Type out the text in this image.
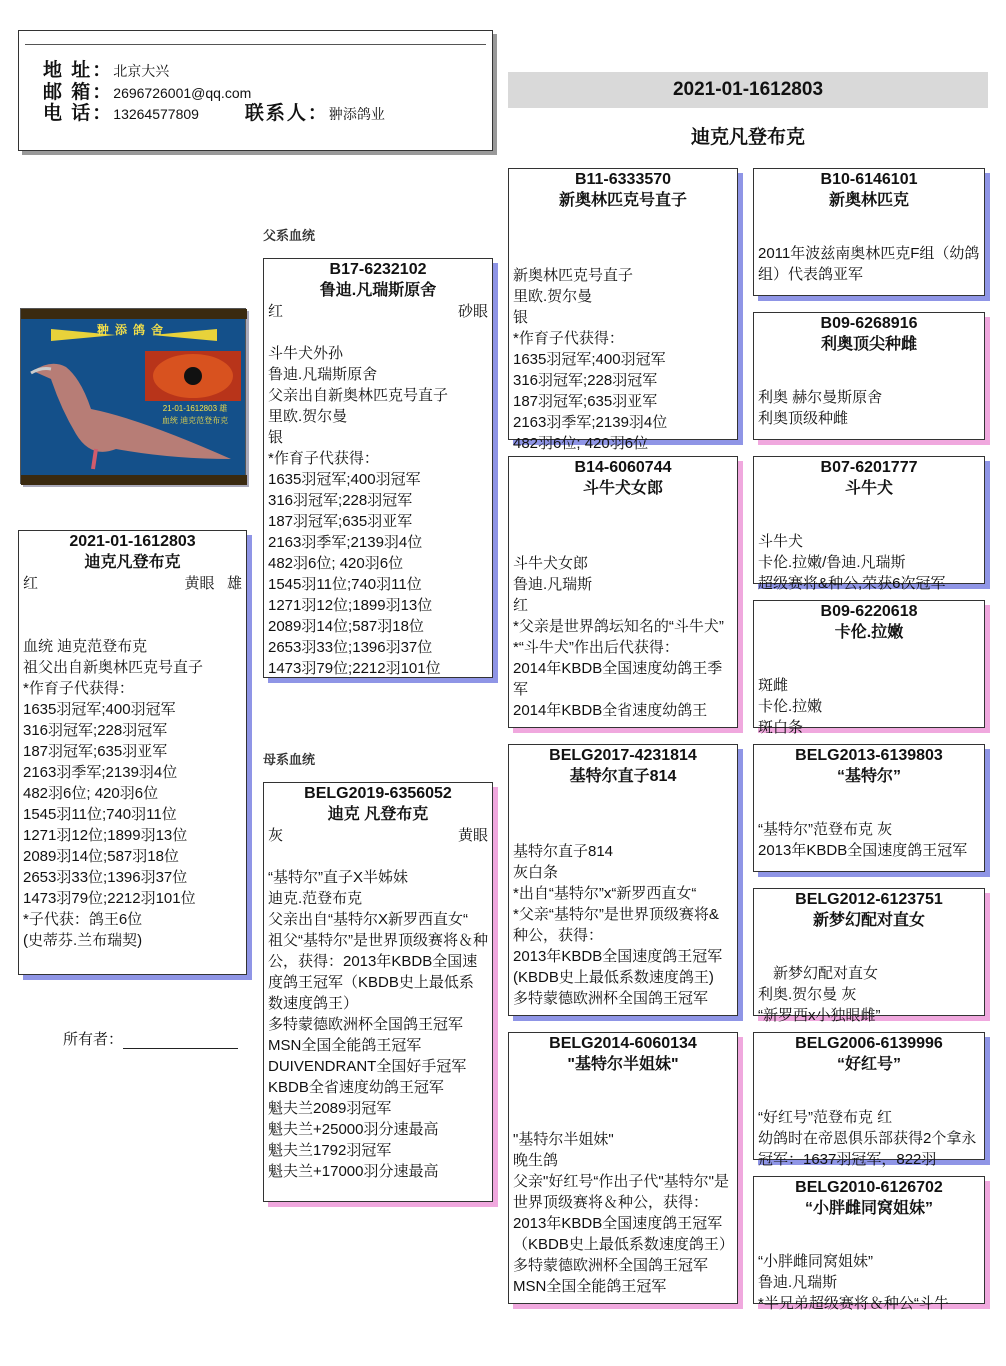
地 址：北京大兴
邮 箱：2696726001@qq.com
电 话：13264577809 联系人：翀添鸽业
2021-01-1612803
迪克凡登布克
翀添鸽舍
21-01-1612803 雄
血统 迪克范登布克
2021-01-1612803
迪克凡登布克
红	黄眼 雄
血统 迪克范登布克
祖父出自新奥林匹克号直子
*作育子代获得：
1635羽冠军;400羽冠军
316羽冠军;228羽冠军
187羽冠军;635羽亚军
2163羽季军;2139羽4位
482羽6位; 420羽6位
1545羽11位;740羽11位
1271羽12位;1899羽13位
2089羽14位;587羽18位
2653羽33位;1396羽37位
1473羽79位;2212羽101位
*子代获：鸽王6位
(史蒂芬.兰布瑞契)
所有者：
父系血统
B17-6232102
鲁迪.凡瑞斯原舍
红	砂眼
斗牛犬外孙
鲁迪.凡瑞斯原舍
父亲出自新奥林匹克号直子
里欧.贺尔曼
银
*作育子代获得：
1635羽冠军;400羽冠军
316羽冠军;228羽冠军
187羽冠军;635羽亚军
2163羽季军;2139羽4位
482羽6位; 420羽6位
1545羽11位;740羽11位
1271羽12位;1899羽13位
2089羽14位;587羽18位
2653羽33位;1396羽37位
1473羽79位;2212羽101位
母系血统
BELG2019-6356052
迪克 凡登布克
灰	黄眼
“基特尔”直子X半姊妹
迪克.范登布克
父亲出自“基特尔X新罗西直女“
祖父“基特尔”是世界顶级赛将＆种公，获得：2013年KBDB全国速度鸽王冠军（KBDB史上最低系数速度鸽王）
多特蒙德欧洲杯全国鸽王冠军
MSN全国全能鸽王冠军
DUIVENDRANT全国好手冠军
KBDB全省速度幼鸽王冠军
魁夫兰2089羽冠军
魁夫兰+25000羽分速最高
魁夫兰1792羽冠军
魁夫兰+17000羽分速最高
B11-6333570
新奥林匹克号直子
新奥林匹克号直子
里欧.贺尔曼
银
*作育子代获得：
1635羽冠军;400羽冠军
316羽冠军;228羽冠军
187羽冠军;635羽亚军
2163羽季军;2139羽4位
482羽6位; 420羽6位
B14-6060744
斗牛犬女郎
斗牛犬女郎
鲁迪.凡瑞斯
红
*父亲是世界鸽坛知名的“斗牛犬”
*“斗牛犬”作出后代获得：
2014年KBDB全国速度幼鸽王季军
2014年KBDB全省速度幼鸽王
BELG2017-4231814
基特尔直子814
基特尔直子814
灰白条
*出自“基特尔”x“新罗西直女“
*父亲“基特尔”是世界顶级赛将&种公，获得：
2013年KBDB全国速度鸽王冠军(KBDB史上最低系数速度鸽王)
多特蒙德欧洲杯全国鸽王冠军
BELG2014-6060134
"基特尔半姐妹"
"基特尔半姐妹"
晚生鸽
父亲"好红号“作出子代"基特尔"是世界顶级赛将＆种公，获得：2013年KBDB全国速度鸽王冠军（KBDB史上最低系数速度鸽王）
多特蒙德欧洲杯全国鸽王冠军
MSN全国全能鸽王冠军
B10-6146101
新奥林匹克
2011年波兹南奥林匹克F组（幼鸽组）代表鸽亚军
B09-6268916
利奥顶尖种雌
利奥 赫尔曼斯原舍
利奥顶级种雌
B07-6201777
斗牛犬
斗牛犬
卡伦.拉嫩/鲁迪.凡瑞斯
超级赛将&种公,荣获6次冠军
B09-6220618
卡伦.拉嫩
斑雌
卡伦.拉嫩
斑白条
BELG2013-6139803
“基特尔”
“基特尔”范登布克 灰
2013年KBDB全国速度鸽王冠军
BELG2012-6123751
新梦幻配对直女
　新梦幻配对直女
利奥.贺尔曼 灰
“新罗西x小独眼雌”
BELG2006-6139996
“好红号”
“好红号”范登布克 红
幼鸽时在帝恩俱乐部获得2个拿永冠军：1637羽冠军，822羽
BELG2010-6126702
“小胖雌同窝姐妹”
“小胖雌同窝姐妹”
鲁迪.凡瑞斯
*半兄弟超级赛将＆种公“斗牛
